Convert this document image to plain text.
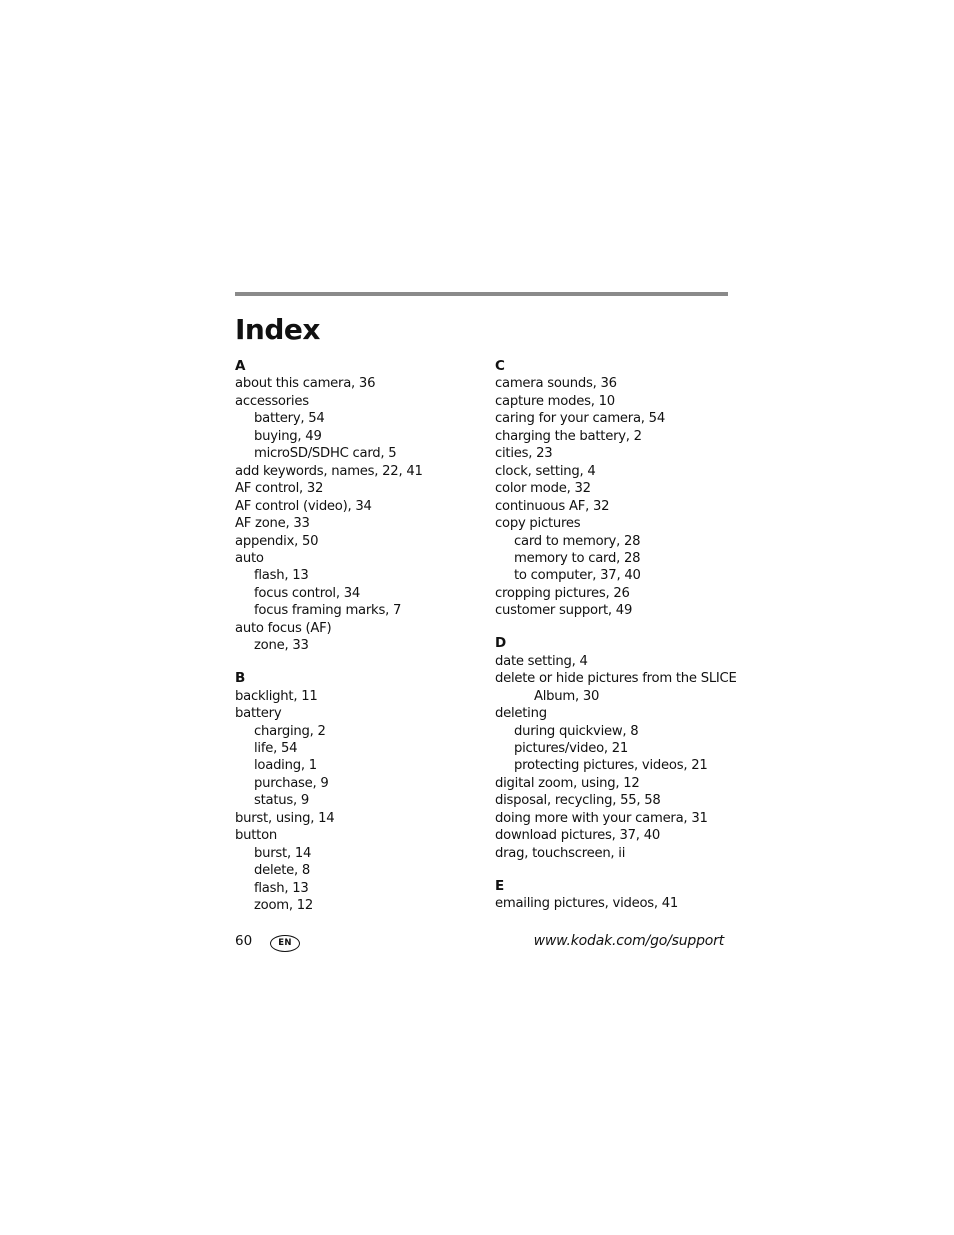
Index
A
about this camera, 36
accessories
battery, 54
buying, 49
microSD/SDHC card, 5
add keywords, names, 22, 41
AF control, 32
AF control (video), 34
AF zone, 33
appendix, 50
auto
flash, 13
focus control, 34
focus framing marks, 7
auto focus (AF)
zone, 33
B
backlight, 11
battery
charging, 2
life, 54
loading, 1
purchase, 9
status, 9
burst, using, 14
button
burst, 14
delete, 8
flash, 13
zoom, 12
C
camera sounds, 36
capture modes, 10
caring for your camera, 54
charging the battery, 2
cities, 23
clock, setting, 4
color mode, 32
continuous AF, 32
copy pictures
card to memory, 28
memory to card, 28
to computer, 37, 40
cropping pictures, 26
customer support, 49
D
date setting, 4
delete or hide pictures from the SLICE
Album, 30
deleting
during quickview, 8
pictures/video, 21
protecting pictures, videos, 21
digital zoom, using, 12
disposal, recycling, 55, 58
doing more with your camera, 31
download pictures, 37, 40
drag, touchscreen, ii
E
emailing pictures, videos, 41
60	EN	www.kodak.com/go/support
